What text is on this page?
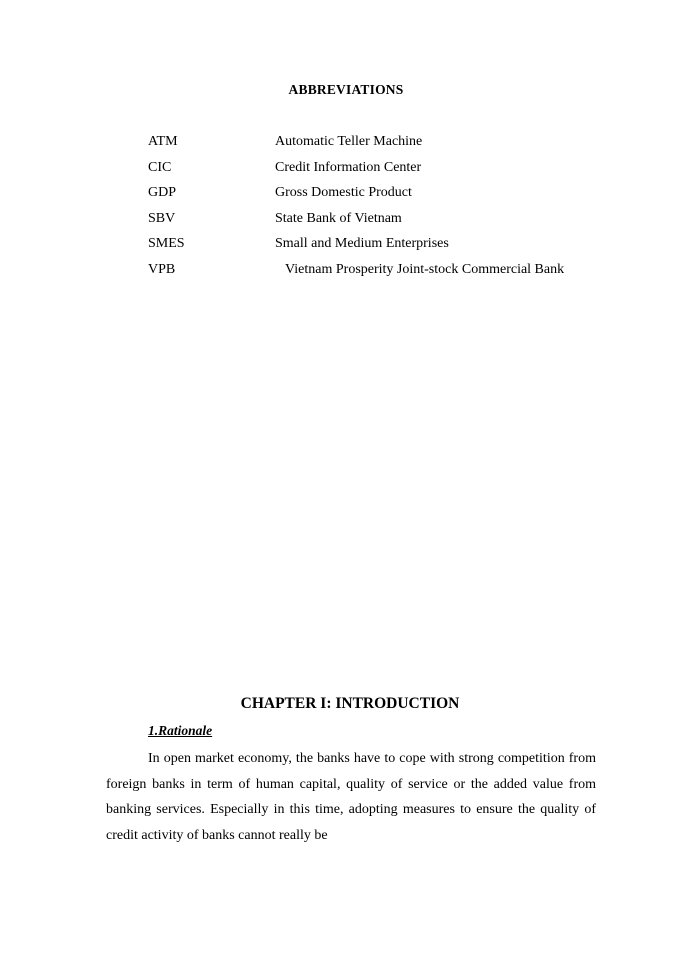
ABBREVIATIONS
ATM	Automatic Teller Machine
CIC	Credit Information Center
GDP	Gross Domestic Product
SBV	State Bank of Vietnam
SMES	Small and Medium Enterprises
VPB	Vietnam Prosperity Joint-stock Commercial Bank
CHAPTER I: INTRODUCTION
1.Rationale

In open market economy, the banks have to cope with strong competition from foreign banks in term of human capital, quality of service or the added value from banking services. Especially in this time, adopting measures to ensure the quality of credit activity of banks cannot really be
